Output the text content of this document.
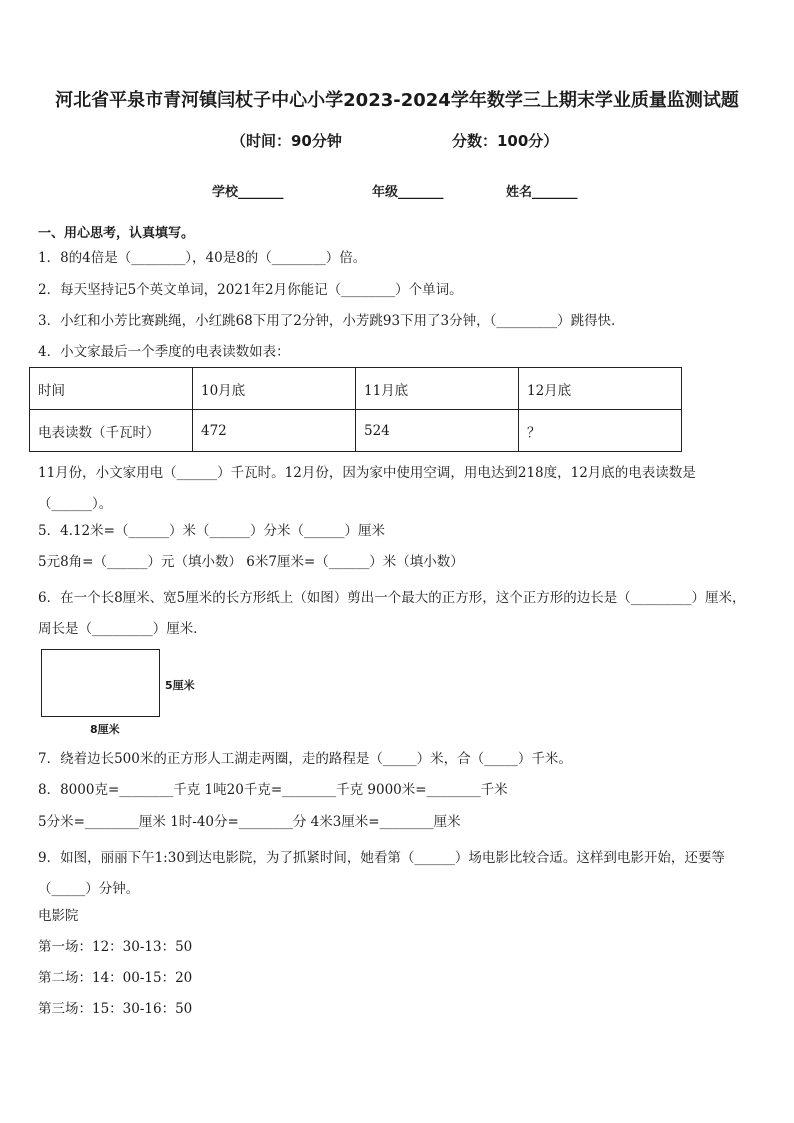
河北省平泉市青河镇闫杖子中心小学2023-2024学年数学三上期末学业质量监测试题
（时间：90分钟	分数：100分）
学校_______	年级_______	姓名_______
一、用心思考，认真填写。
1．8的4倍是（________），40是8的（________）倍。
2．每天坚持记5个英文单词，2021年2月你能记（________）个单词。
3．小红和小芳比赛跳绳，小红跳68下用了2分钟，小芳跳93下用了3分钟，（_________）跳得快．
4．小文家最后一个季度的电表读数如表：
时间	10月底	11月底	12月底
电表读数（千瓦时）	472	524	？
11月份，小文家用电（______）千瓦时。12月份，因为家中使用空调，用电达到218度，12月底的电表读数是（______）。
5．4.12米=（______）米（______）分米（______）厘米
5元8角=（______）元（填小数） 6米7厘米=（______）米（填小数）
6．在一个长8厘米、宽5厘米的长方形纸上（如图）剪出一个最大的正方形，这个正方形的边长是（_________）厘米，周长是（_________）厘米．
5厘米
8厘米
7．绕着边长500米的正方形人工湖走两圈，走的路程是（_____）米，合（_____）千米。
8．8000克=________千克 1吨20千克=________千克 9000米=________千米
5分米=________厘米 1时-40分=________分 4米3厘米=________厘米
9．如图，丽丽下午1:30到达电影院，为了抓紧时间，她看第（______）场电影比较合适。这样到电影开始，还要等（_____）分钟。
电影院
第一场：12：30-13：50
第二场：14：00-15：20
第三场：15：30-16：50
